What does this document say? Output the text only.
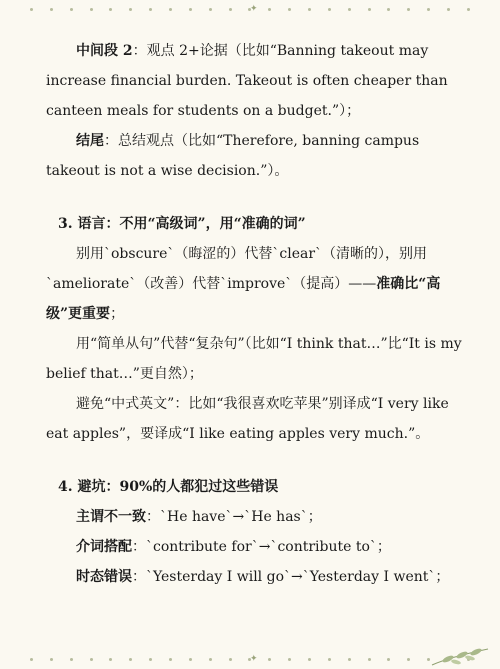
✦

中间段 2：观点 2+论据（比如“Banning takeout may increase financial burden. Takeout is often cheaper than canteen meals for students on a budget.”）；

结尾：总结观点（比如“Therefore, banning campus takeout is not a wise decision.”）。

3. 语言：不用“高级词”，用“准确的词”

别用`obscure`（晦涩的）代替`clear`（清晰的），别用`ameliorate`（改善）代替`improve`（提高）——准确比“高级”更重要；

用“简单从句”代替“复杂句”（比如“I think that…”比“It is my belief that…”更自然）；

避免“中式英文”：比如“我很喜欢吃苹果”别译成“I very like eat apples”，要译成“I like eating apples very much.”。

4. 避坑：90%的人都犯过这些错误

主谓不一致：`He have`→`He has`；

介词搭配：`contribute for`→`contribute to`；

时态错误：`Yesterday I will go`→`Yesterday I went`；

✦
